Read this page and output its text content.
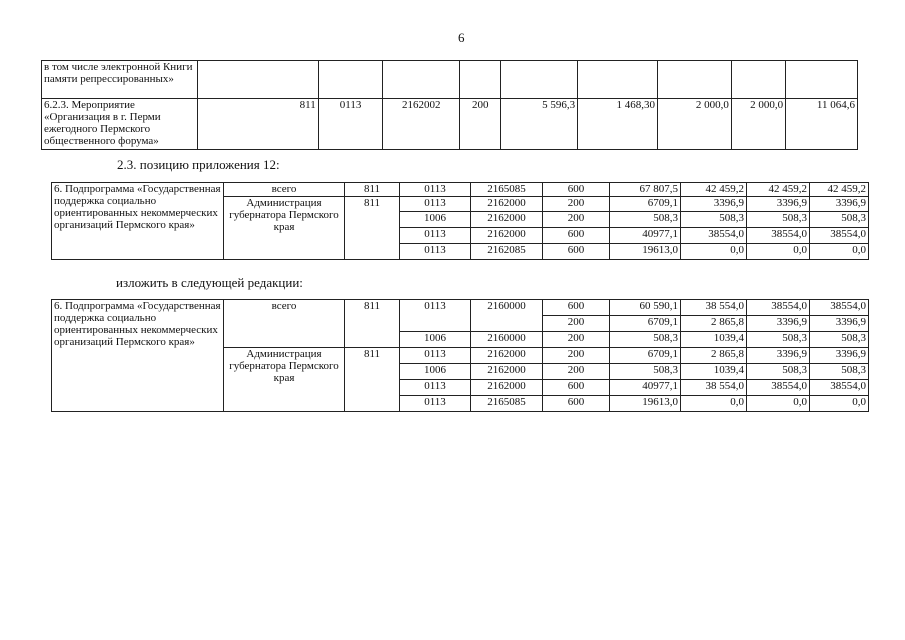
6
в том числе электронной Книги памяти репрессированных»									
6.2.3. Мероприятие «Организация в г. Перми ежегодного Пермского общественного форума»	811	0113	2162002	200	5 596,3	1 468,30	2 000,0	2 000,0	11 064,6
2.3. позицию приложения 12:
6. Подпрограмма «Государственная поддержка социально ориентированных некоммерческих организаций Пермского края»	всего	811	0113	2165085	600	67 807,5	42 459,2	42 459,2	42 459,2
	Администрация губернатора Пермского края	811	0113	2162000	200	6709,1	3396,9	3396,9	3396,9
			1006	2162000	200	508,3	508,3	508,3	508,3
			0113	2162000	600	40977,1	38554,0	38554,0	38554,0
			0113	2162085	600	19613,0	0,0	0,0	0,0
изложить в следующей редакции:
6. Подпрограмма «Государственная поддержка социально ориентированных некоммерческих организаций Пермского края»	всего	811	0113	2160000	600	60 590,1	38 554,0	38554,0	38554,0
					200	6709,1	2 865,8	3396,9	3396,9
			1006	2160000	200	508,3	1039,4	508,3	508,3
	Администрация губернатора Пермского края	811	0113	2162000	200	6709,1	2 865,8	3396,9	3396,9
			1006	2162000	200	508,3	1039,4	508,3	508,3
			0113	2162000	600	40977,1	38 554,0	38554,0	38554,0
			0113	2165085	600	19613,0	0,0	0,0	0,0
